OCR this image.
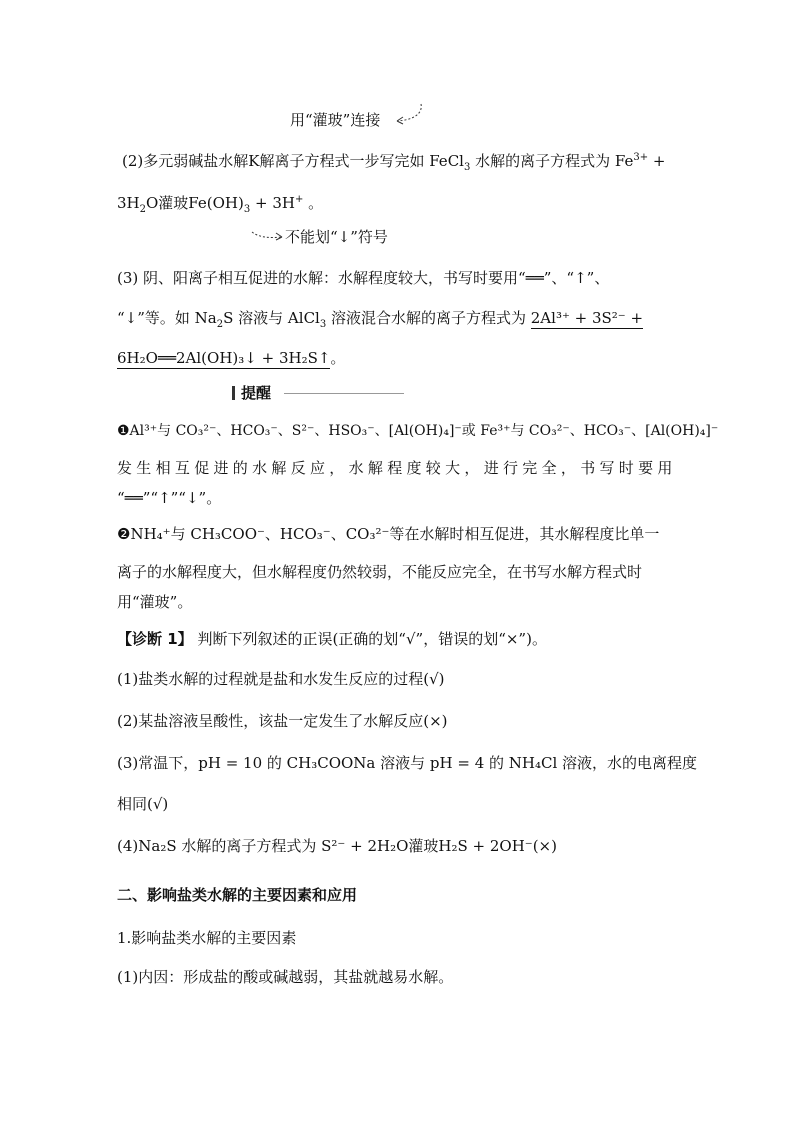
用“灌玻”连接
(2)多元弱碱盐水解K解离子方程式一步写完如 FeCl$_3$ 水解的离子方程式为 $Fe^{3+}$ +
$3H_2O$灌玻$Fe(OH)_3 + 3H^+$ 。
不能划“↓”符号
(3) 阴、阳离子相互促进的水解：水解程度较大，书写时要用“══”、“↑”、
“↓”等。如 $Na_2S$ 溶液与 AlCl$_3$ 溶液混合水解的离子方程式为 2Al³⁺ + 3S²⁻ +
6H₂O══2Al(OH)₃↓ + 3H₂S↑。
提醒
❶Al³⁺与 CO₃²⁻、HCO₃⁻、S²⁻、HSO₃⁻、[Al(OH)₄]⁻或 Fe³⁺与 CO₃²⁻、HCO₃⁻、[Al(OH)₄]⁻
发生相互促进的水解反应，水解程度较大，进行完全，书写时要用
“══”“↑”“↓”。
❷NH₄⁺与 CH₃COO⁻、HCO₃⁻、CO₃²⁻等在水解时相互促进，其水解程度比单一
离子的水解程度大，但水解程度仍然较弱，不能反应完全，在书写水解方程式时
用“灌玻”。
【诊断 1】 判断下列叙述的正误(正确的划“√”，错误的划“×”)。
(1)盐类水解的过程就是盐和水发生反应的过程(√)
(2)某盐溶液呈酸性，该盐一定发生了水解反应(×)
(3)常温下，pH = 10 的 CH₃COONa 溶液与 pH = 4 的 NH₄Cl 溶液，水的电离程度
相同(√)
(4)Na₂S 水解的离子方程式为 S²⁻ + 2H₂O灌玻H₂S + 2OH⁻(×)
二、影响盐类水解的主要因素和应用
1.影响盐类水解的主要因素
(1)内因：形成盐的酸或碱越弱，其盐就越易水解。
